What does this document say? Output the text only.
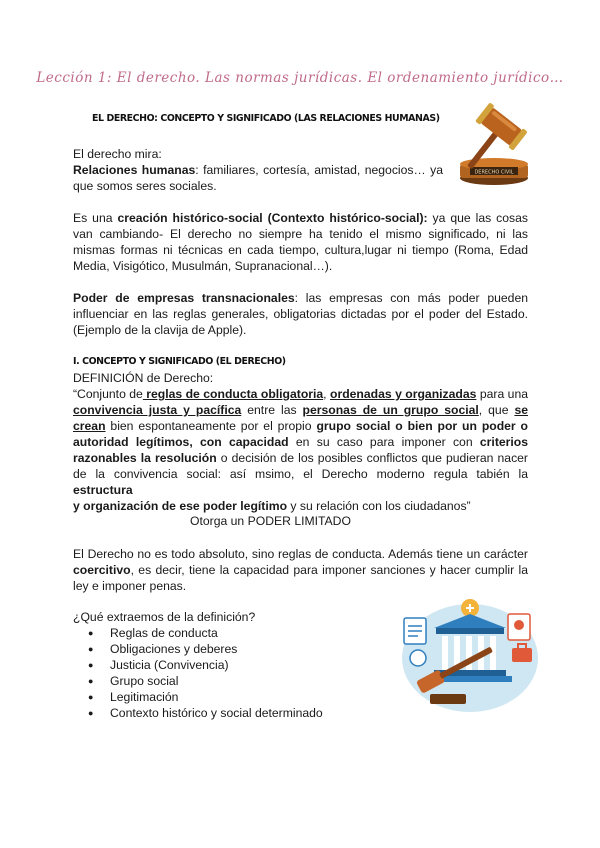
Lección 1: El derecho. Las normas jurídicas. El ordenamiento jurídico…
EL DERECHO: CONCEPTO Y SIGNIFICADO (LAS RELACIONES HUMANAS)
DERECHO CIVIL
El derecho mira:
Relaciones humanas: familiares, cortesía, amistad, negocios… ya
que somos seres sociales.
Es una creación histórico-social (Contexto histórico-social): ya que las cosas
van cambiando- El derecho no siempre ha tenido el mismo significado, ni las
mismas formas ni técnicas en cada tiempo, cultura,lugar ni tiempo (Roma, Edad
Media, Visigótico, Musulmán, Supranacional…).
Poder de empresas transnacionales: las empresas con más poder pueden
influenciar en las reglas generales, obligatorias dictadas por el poder del Estado.
(Ejemplo de la clavija de Apple).
I. CONCEPTO Y SIGNIFICADO (EL DERECHO)
DEFINICIÓN de Derecho:
“Conjunto de reglas de conducta obligatoria, ordenadas y organizadas para una
convivencia justa y pacífica entre las personas de un grupo social, que se
crean bien espontaneamente por el propio grupo social o bien por un poder o
autoridad legítimos, con capacidad en su caso para imponer con criterios
razonables la resolución o decisión de los posibles conflictos que pudieran nacer
de la convivencia social: así msimo, el Derecho moderno regula tabién la estructura
y organización de ese poder legítimo y su relación con los ciudadanos”
Otorga un PODER LIMITADO
El Derecho no es todo absoluto, sino reglas de conducta. Además tiene un carácter
coercitivo, es decir, tiene la capacidad para imponer sanciones y hacer cumplir la
ley e imponer penas.
¿Qué extraemos de la definición?
● Reglas de conducta
● Obligaciones y deberes
● Justicia (Convivencia)
● Grupo social
● Legitimación
● Contexto histórico y social determinado
